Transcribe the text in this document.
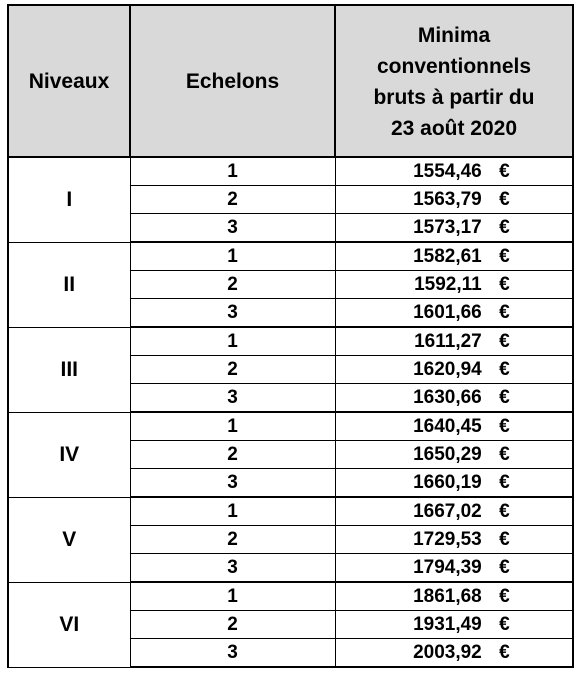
Niveaux	Echelons	Minima
conventionnels
bruts à partir du
23 août 2020

I	1	1554,46 €
	2	1563,79 €
	3	1573,17 €
II	1	1582,61 €
	2	1592,11 €
	3	1601,66 €
III	1	1611,27 €
	2	1620,94 €
	3	1630,66 €
IV	1	1640,45 €
	2	1650,29 €
	3	1660,19 €
V	1	1667,02 €
	2	1729,53 €
	3	1794,39 €
VI	1	1861,68 €
	2	1931,49 €
	3	2003,92 €
